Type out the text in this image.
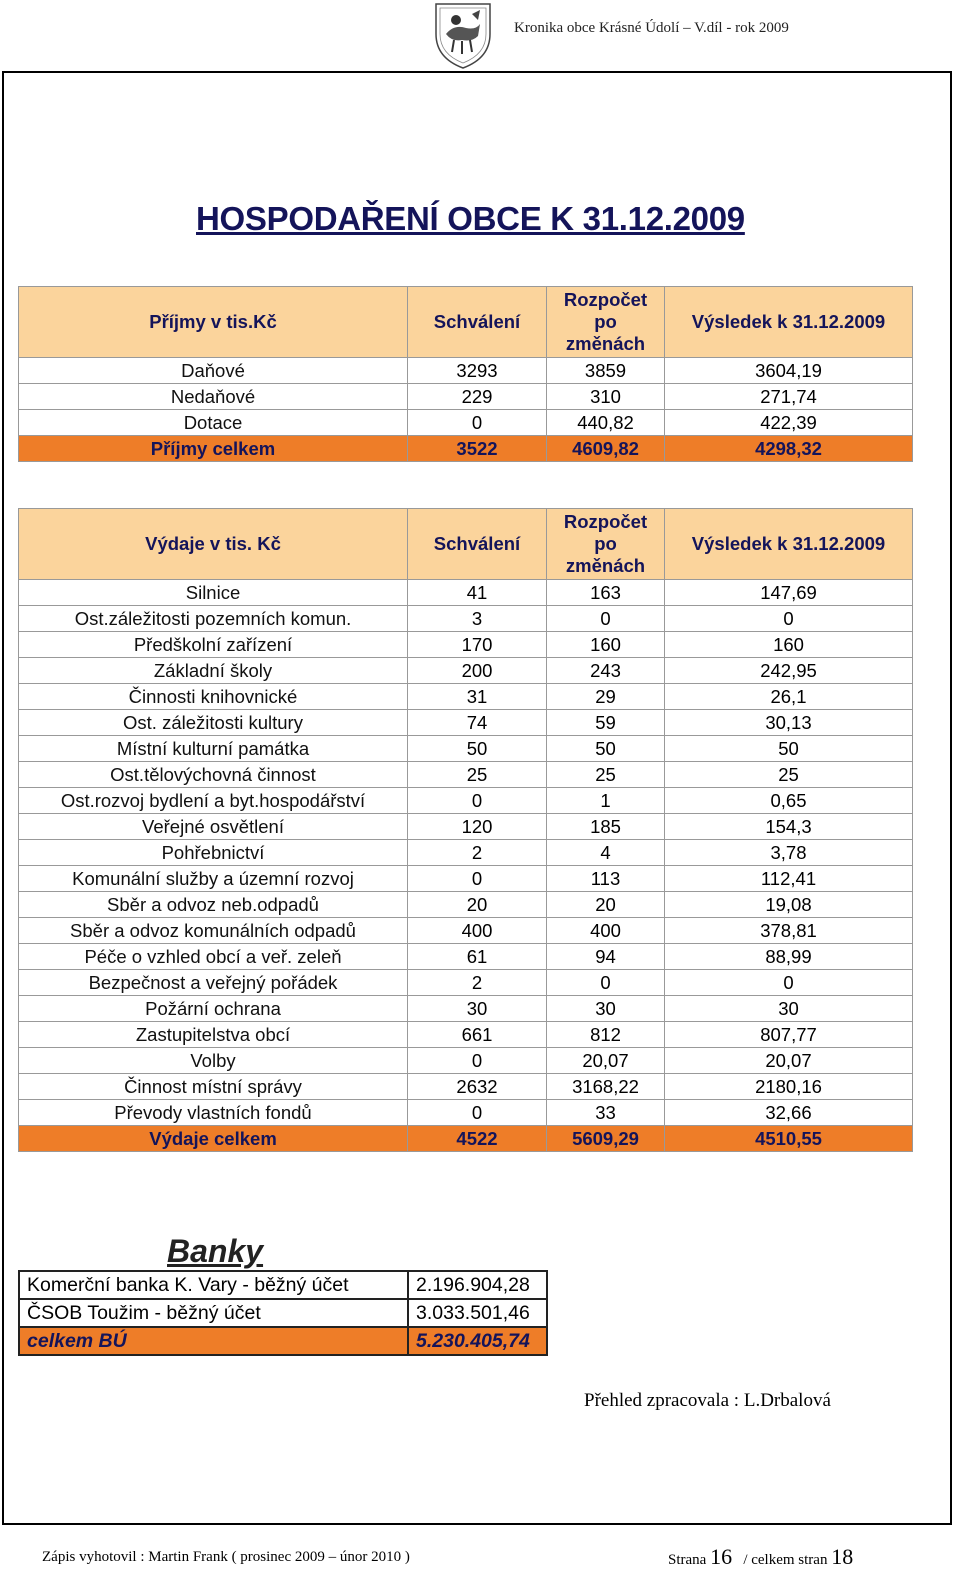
Kronika obce Krásné Údolí – V.díl - rok 2009
HOSPODAŘENÍ OBCE K 31.12.2009
Příjmy v tis.Kč	Schválení	Rozpočet
po
změnách	Výsledek k 31.12.2009
Daňové	3293	3859	3604,19
Nedaňové	229	310	271,74
Dotace	0	440,82	422,39
Příjmy celkem	3522	4609,82	4298,32
Výdaje v tis. Kč	Schválení	Rozpočet
po
změnách	Výsledek k 31.12.2009
Silnice	41	163	147,69
Ost.záležitosti pozemních komun.	3	0	0
Předškolní zařízení	170	160	160
Základní školy	200	243	242,95
Činnosti knihovnické	31	29	26,1
Ost. záležitosti kultury	74	59	30,13
Místní kulturní památka	50	50	50
Ost.tělovýchovná činnost	25	25	25
Ost.rozvoj bydlení a byt.hospodářství	0	1	0,65
Veřejné osvětlení	120	185	154,3
Pohřebnictví	2	4	3,78
Komunální služby a územní rozvoj	0	113	112,41
Sběr a odvoz neb.odpadů	20	20	19,08
Sběr a odvoz komunálních odpadů	400	400	378,81
Péče o vzhled obcí a veř. zeleň	61	94	88,99
Bezpečnost a veřejný pořádek	2	0	0
Požární ochrana	30	30	30
Zastupitelstva obcí	661	812	807,77
Volby	0	20,07	20,07
Činnost místní správy	2632	3168,22	2180,16
Převody vlastních fondů	0	33	32,66
Výdaje celkem	4522	5609,29	4510,55
Banky
Komerční banka K. Vary - běžný účet	2.196.904,28
ČSOB Toužim - běžný účet	3.033.501,46
celkem BÚ	5.230.405,74
Přehled zpracovala : L.Drbalová
Zápis vyhotovil : Martin Frank ( prosinec 2009 – únor 2010 )	Strana 16 / celkem stran 18
